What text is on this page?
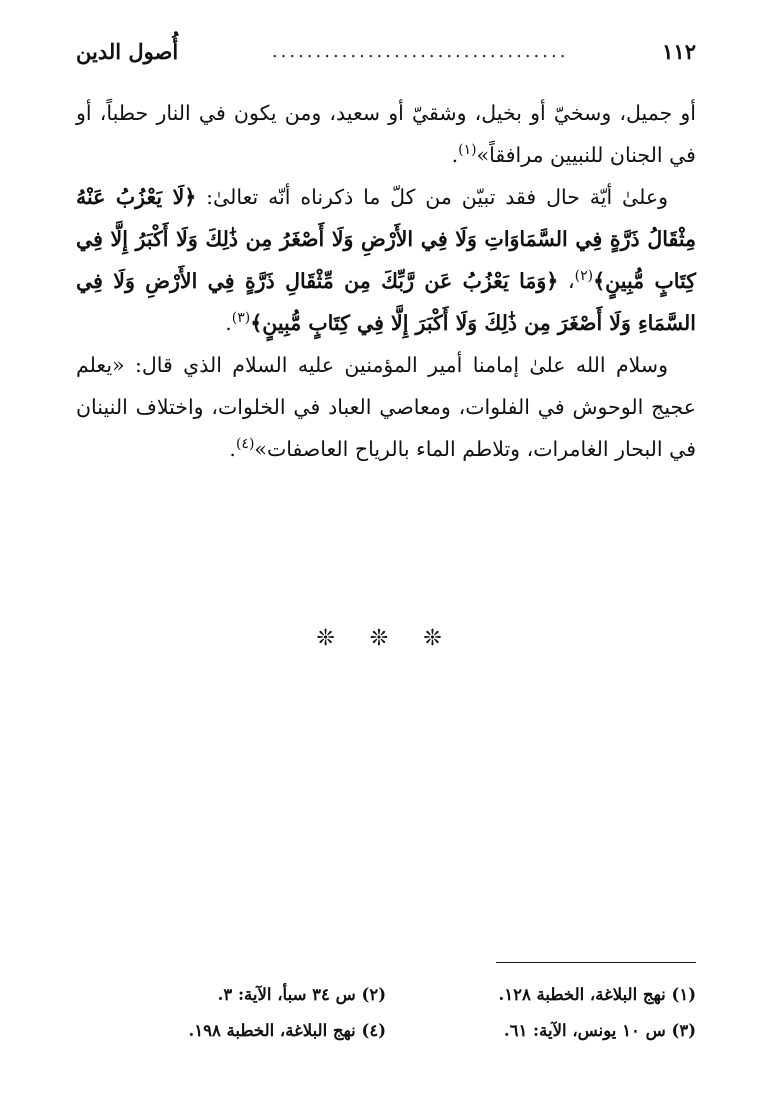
١١٢
..................................
أُصول الدين

أو جميل، وسخيّ أو بخيل، وشقيّ أو سعيد، ومن يكون في النار حطباً، أو في الجنان للنبيين مرافقاً»$^{(١)}$.

وعلىٰ أيّة حال فقد تبيّن من كلّ ما ذكرناه أنّه تعالىٰ: ﴿لَا يَعْزُبُ عَنْهُ مِثْقَالُ ذَرَّةٍ فِي السَّمَاوَاتِ وَلَا فِي الأَرْضِ وَلَا أَصْغَرُ مِن ذَٰلِكَ وَلَا أَكْبَرُ إِلَّا فِي كِتَابٍ مُّبِينٍ﴾$^{(٢)}$، ﴿وَمَا يَعْزُبُ عَن رَّبِّكَ مِن مِّثْقَالِ ذَرَّةٍ فِي الأَرْضِ وَلَا فِي السَّمَاءِ وَلَا أَصْغَرَ مِن ذَٰلِكَ وَلَا أَكْبَرَ إِلَّا فِي كِتَابٍ مُّبِينٍ﴾$^{(٣)}$.

وسلام الله علىٰ إمامنا أمير المؤمنين عليه السلام الذي قال: «يعلم عجيج الوحوش في الفلوات، ومعاصي العباد في الخلوات، واختلاف النينان في البحار الغامرات، وتلاطم الماء بالرياح العاصفات»$^{(٤)}$.

❊ ❊ ❊
(١) نهج البلاغة، الخطبة ١٢٨.
(٢) س ٣٤ سبأ، الآية: ٣.
(٣) س ١٠ يونس، الآية: ٦١.
(٤) نهج البلاغة، الخطبة ١٩٨.
